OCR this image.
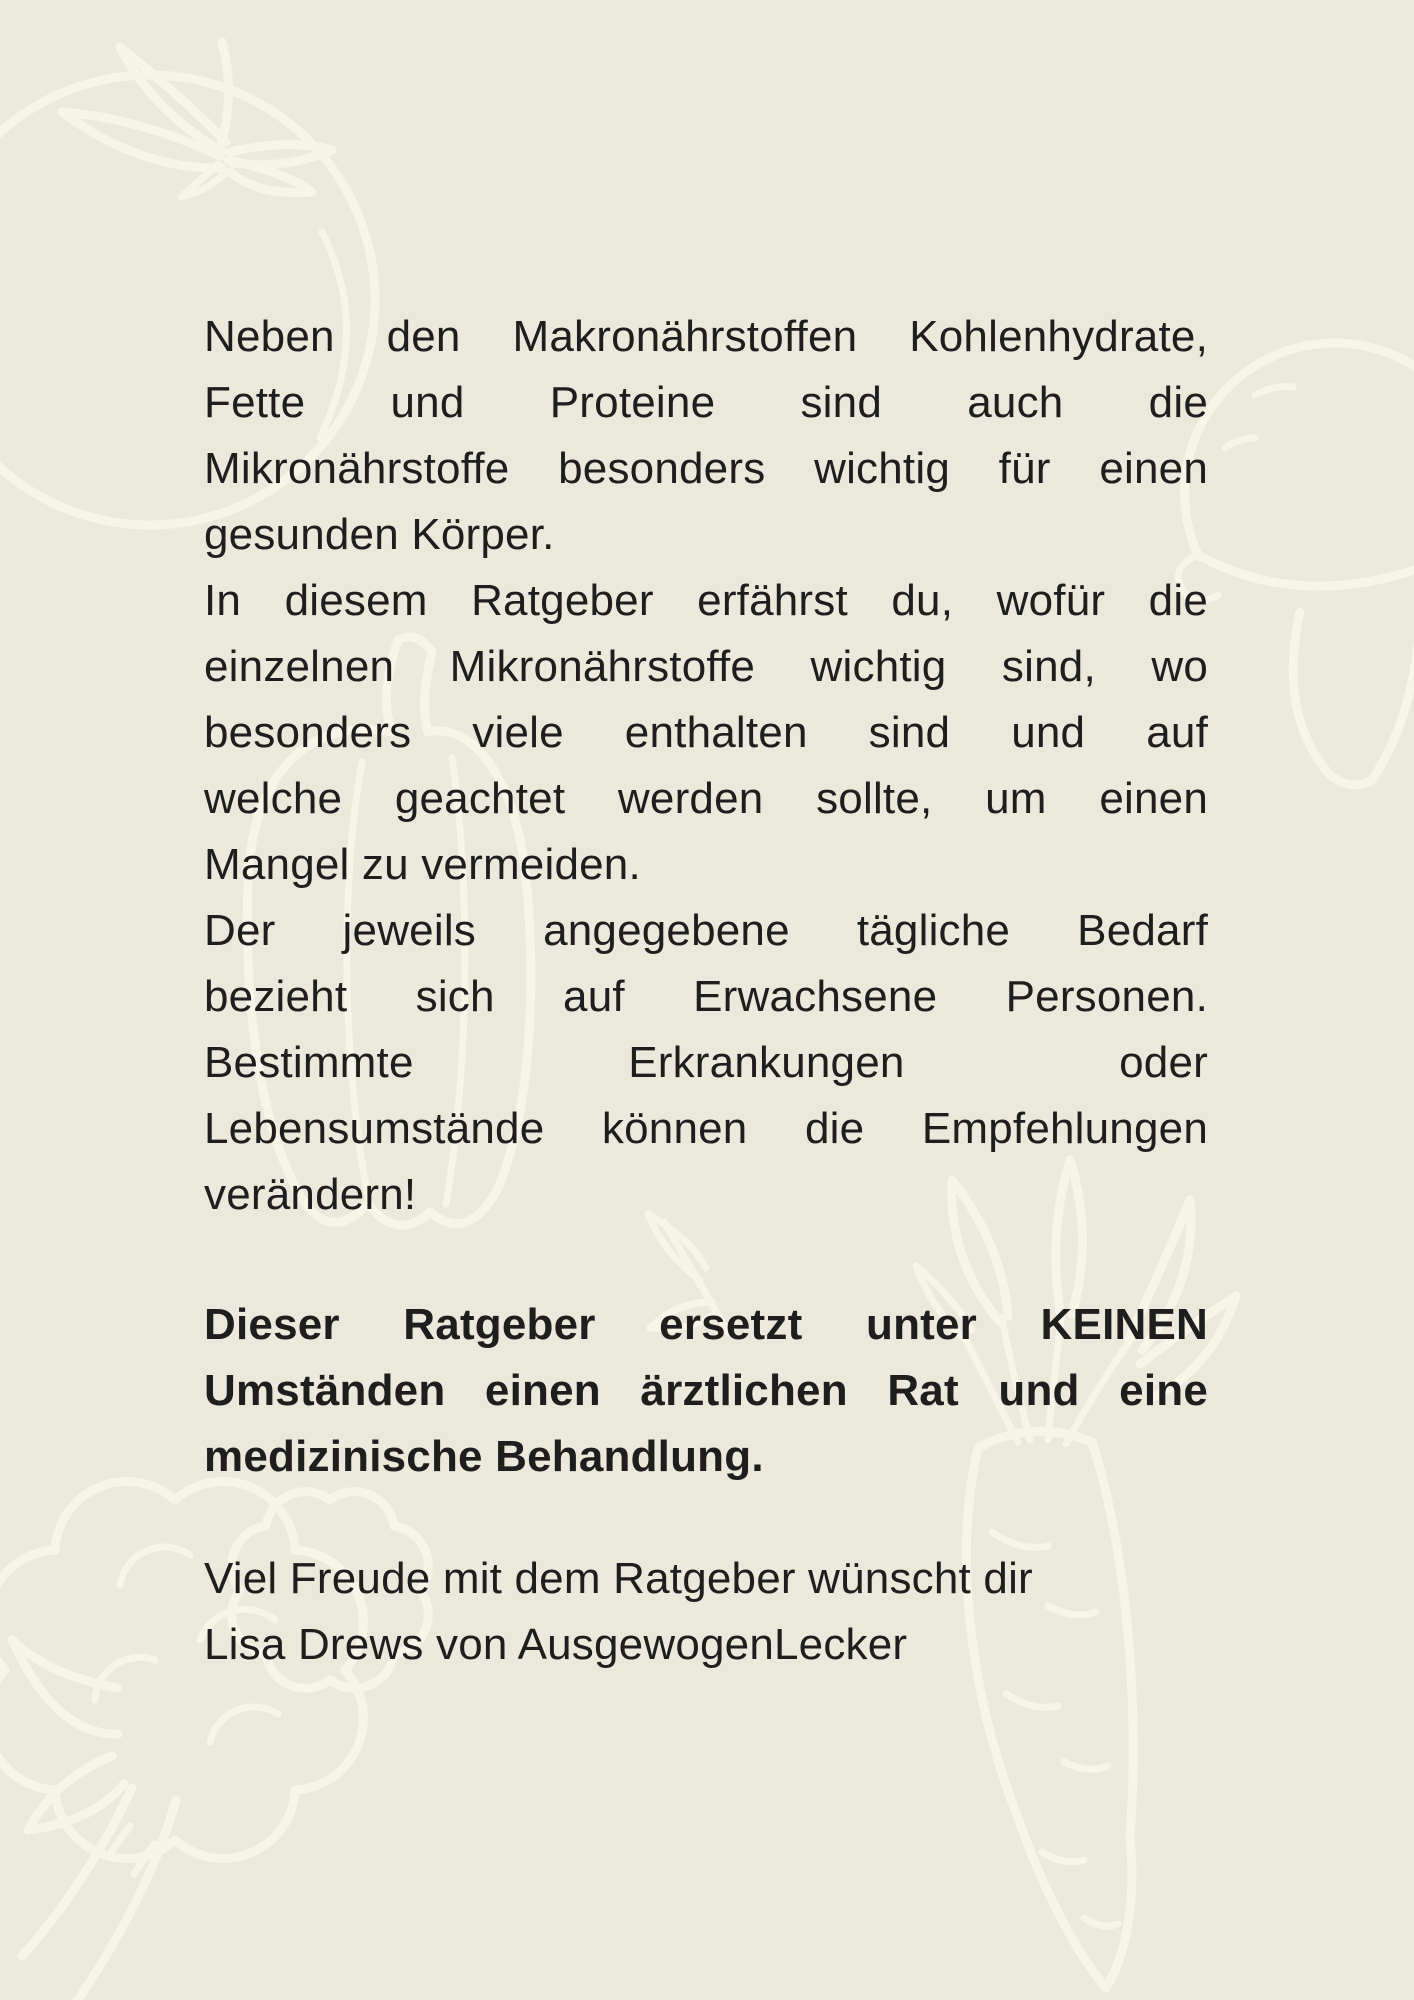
Neben den Makronährstoffen Kohlenhydrate,

Fette und Proteine sind auch die

Mikronährstoffe besonders wichtig für einen

gesunden Körper.

In diesem Ratgeber erfährst du, wofür die

einzelnen Mikronährstoffe wichtig sind, wo

besonders viele enthalten sind und auf

welche geachtet werden sollte, um einen

Mangel zu vermeiden.

Der jeweils angegebene tägliche Bedarf

bezieht sich auf Erwachsene Personen.

Bestimmte Erkrankungen oder

Lebensumstände können die Empfehlungen

verändern!

Dieser Ratgeber ersetzt unter KEINEN

Umständen einen ärztlichen Rat und eine

medizinische Behandlung.

Viel Freude mit dem Ratgeber wünscht dir

Lisa Drews von AusgewogenLecker
